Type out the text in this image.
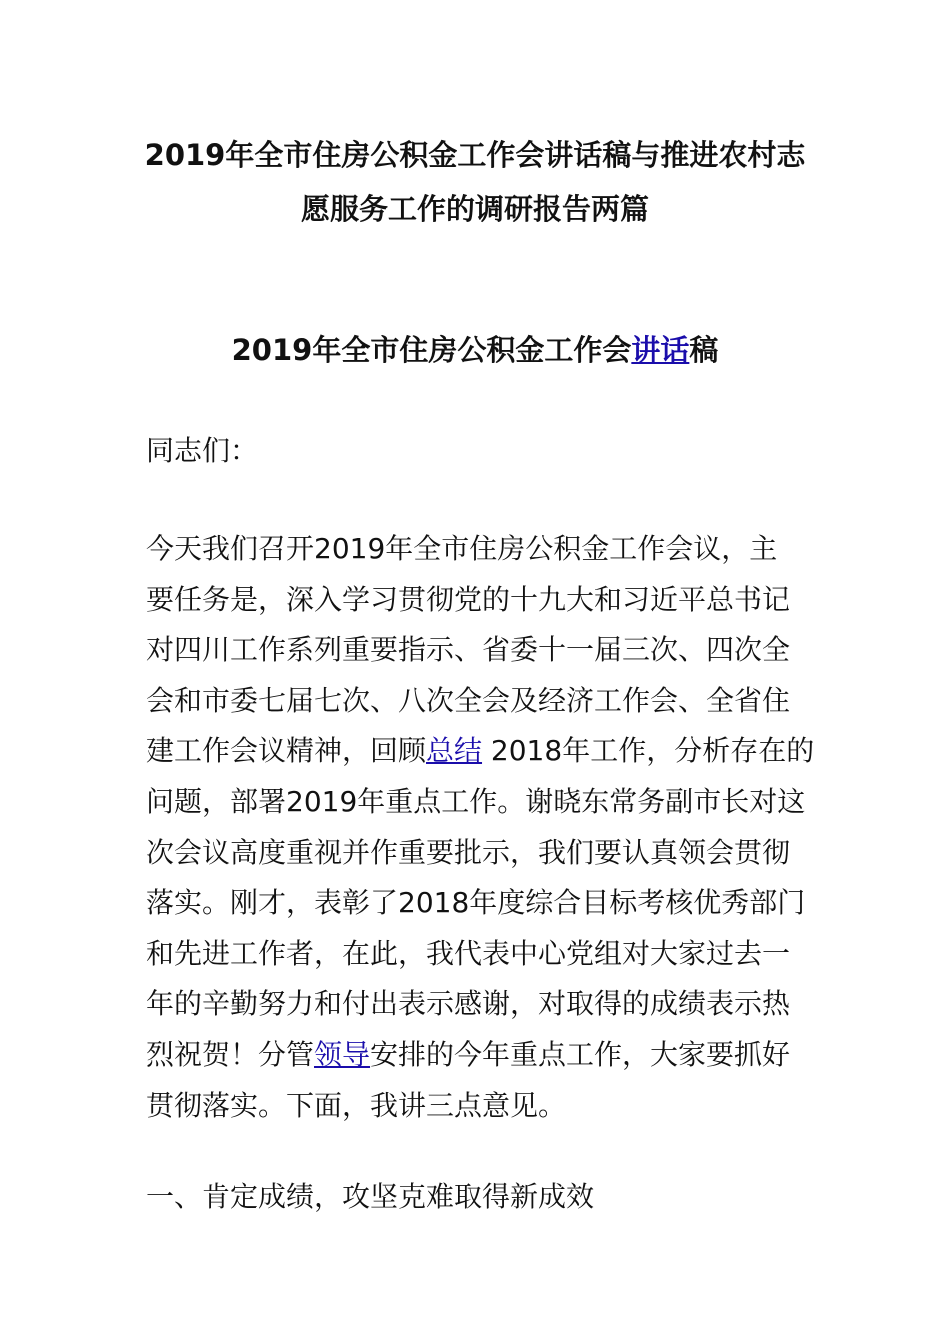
2019年全市住房公积金工作会讲话稿与推进农村志
愿服务工作的调研报告两篇
2019年全市住房公积金工作会讲话稿

同志们：

今天我们召开2019年全市住房公积金工作会议，主
要任务是，深入学习贯彻党的十九大和习近平总书记
对四川工作系列重要指示、省委十一届三次、四次全
会和市委七届七次、八次全会及经济工作会、全省住
建工作会议精神，回顾总结 2018年工作，分析存在的
问题，部署2019年重点工作。谢晓东常务副市长对这
次会议高度重视并作重要批示，我们要认真领会贯彻
落实。刚才，表彰了2018年度综合目标考核优秀部门
和先进工作者，在此，我代表中心党组对大家过去一
年的辛勤努力和付出表示感谢，对取得的成绩表示热
烈祝贺！分管领导安排的今年重点工作，大家要抓好
贯彻落实。下面，我讲三点意见。

一、肯定成绩，攻坚克难取得新成效
